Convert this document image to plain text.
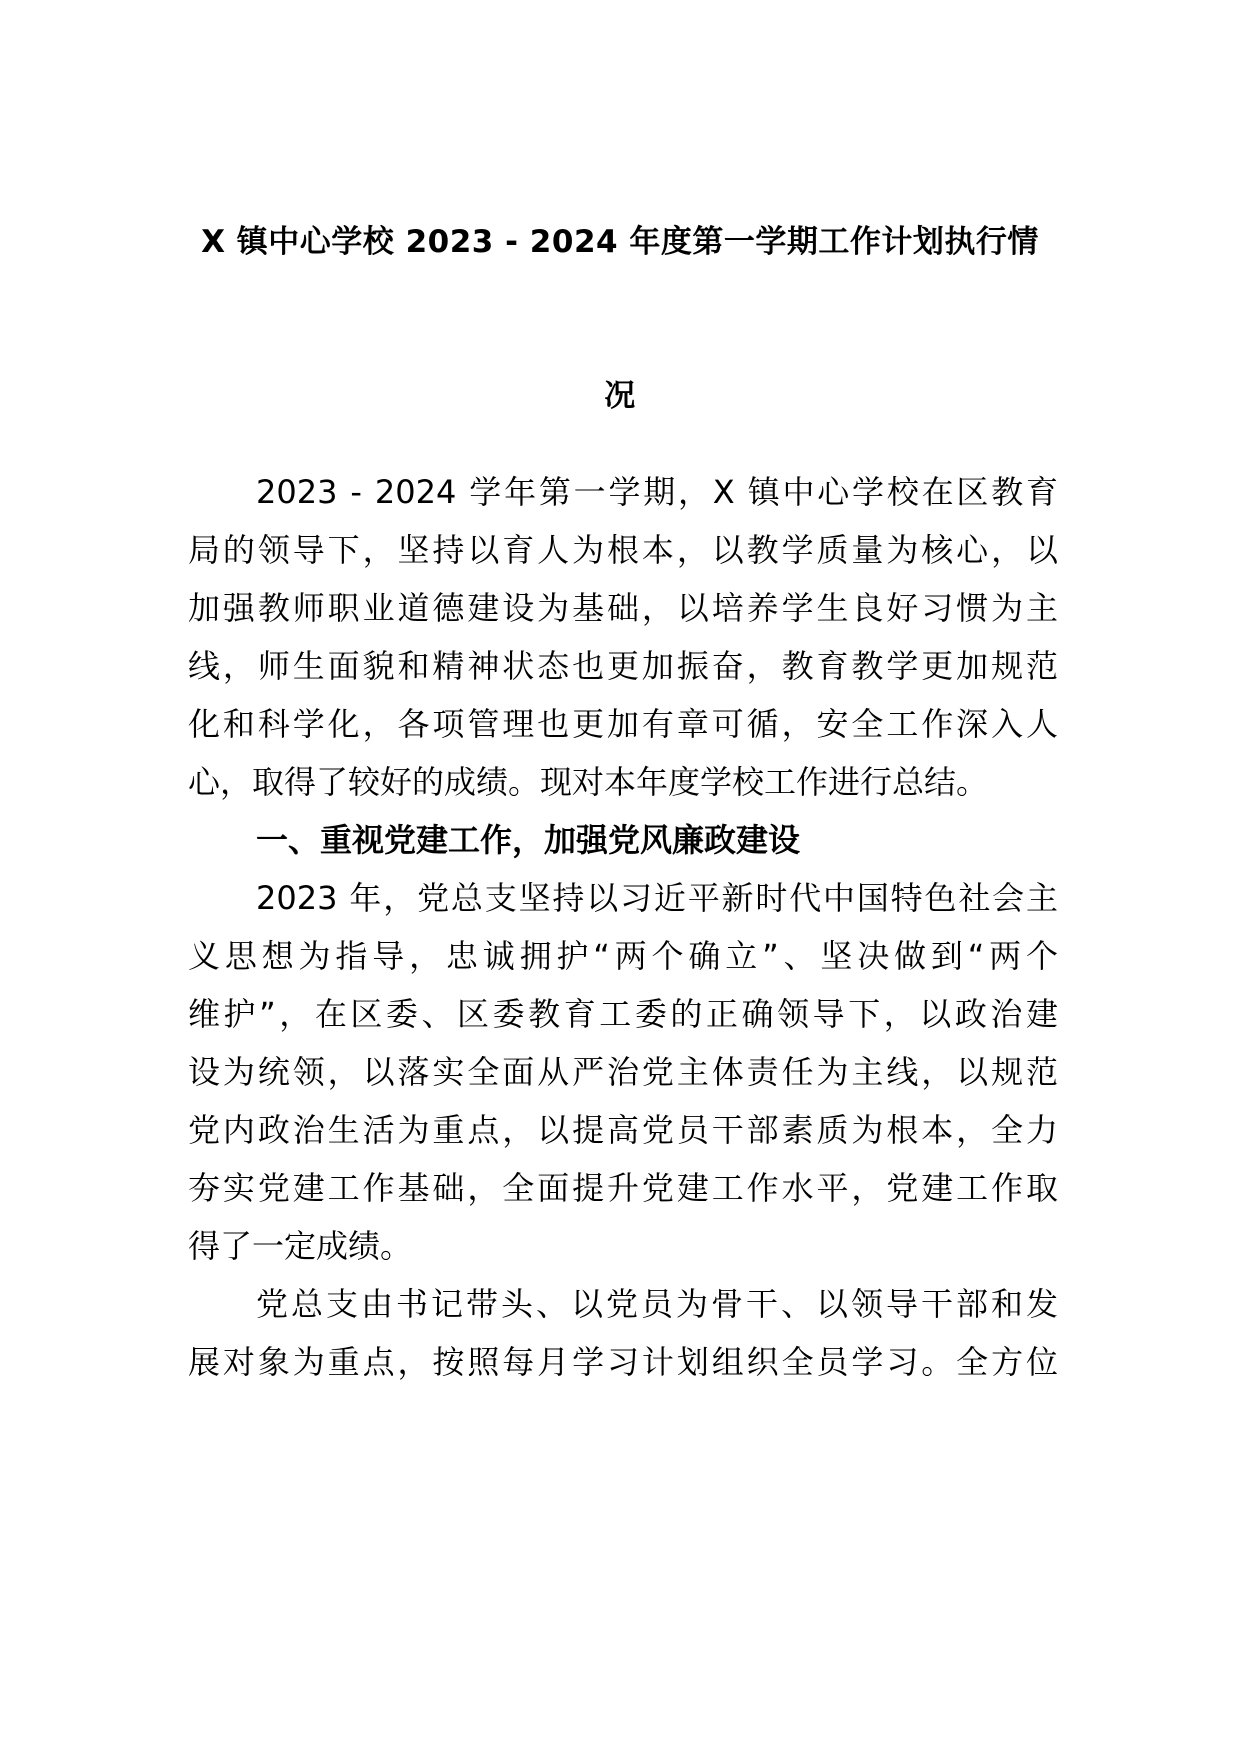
X 镇中心学校 2023 - 2024 年度第一学期工作计划执行情
况
2023 - 2024 学年第一学期，X 镇中心学校在区教育
局的领导下，坚持以育人为根本，以教学质量为核心，以
加强教师职业道德建设为基础，以培养学生良好习惯为主
线，师生面貌和精神状态也更加振奋，教育教学更加规范
化和科学化，各项管理也更加有章可循，安全工作深入人
心，取得了较好的成绩。现对本年度学校工作进行总结。
一、重视党建工作，加强党风廉政建设
2023 年，党总支坚持以习近平新时代中国特色社会主
义思想为指导，忠诚拥护“两个确立”、坚决做到“两个
维护”，在区委、区委教育工委的正确领导下，以政治建
设为统领，以落实全面从严治党主体责任为主线，以规范
党内政治生活为重点，以提高党员干部素质为根本，全力
夯实党建工作基础，全面提升党建工作水平，党建工作取
得了一定成绩。
党总支由书记带头、以党员为骨干、以领导干部和发
展对象为重点，按照每月学习计划组织全员学习。全方位
